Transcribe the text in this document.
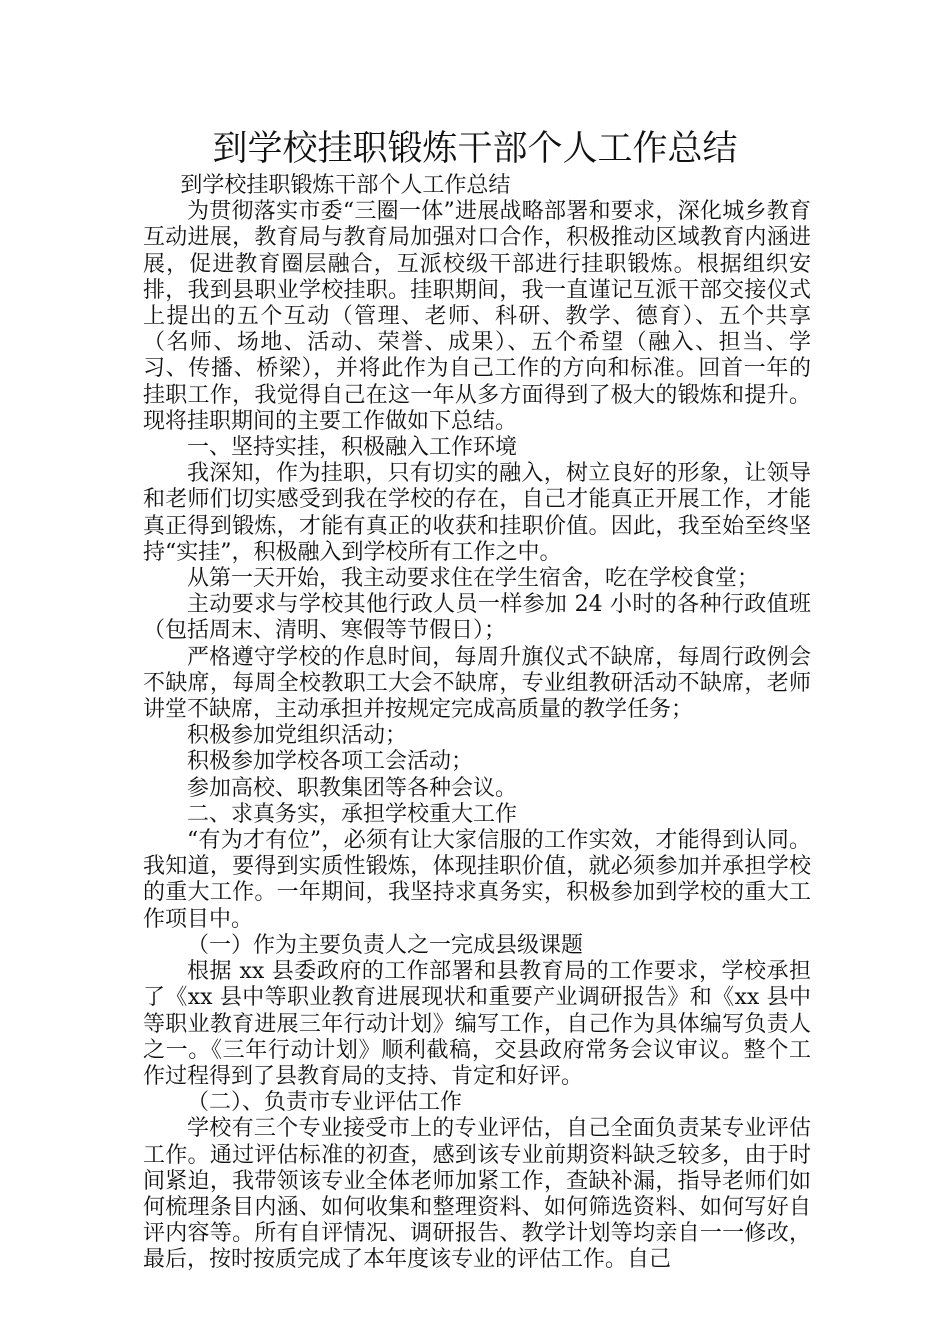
到学校挂职锻炼干部个人工作总结

到学校挂职锻炼干部个人工作总结

为贯彻落实市委“三圈一体”进展战略部署和要求，深化城乡教育互动进展，教育局与教育局加强对口合作，积极推动区域教育内涵进展，促进教育圈层融合，互派校级干部进行挂职锻炼。根据组织安排，我到县职业学校挂职。挂职期间，我一直谨记互派干部交接仪式上提出的五个互动（管理、老师、科研、教学、德育）、五个共享（名师、场地、活动、荣誉、成果）、五个希望（融入、担当、学习、传播、桥梁），并将此作为自己工作的方向和标准。回首一年的挂职工作，我觉得自己在这一年从多方面得到了极大的锻炼和提升。现将挂职期间的主要工作做如下总结。

一、坚持实挂，积极融入工作环境

我深知，作为挂职，只有切实的融入，树立良好的形象，让领导和老师们切实感受到我在学校的存在，自己才能真正开展工作，才能真正得到锻炼，才能有真正的收获和挂职价值。因此，我至始至终坚持“实挂”，积极融入到学校所有工作之中。

从第一天开始，我主动要求住在学生宿舍，吃在学校食堂；

主动要求与学校其他行政人员一样参加 24 小时的各种行政值班（包括周末、清明、寒假等节假日）；

严格遵守学校的作息时间，每周升旗仪式不缺席，每周行政例会不缺席，每周全校教职工大会不缺席，专业组教研活动不缺席，老师讲堂不缺席，主动承担并按规定完成高质量的教学任务；

积极参加党组织活动；

积极参加学校各项工会活动；

参加高校、职教集团等各种会议。

二、求真务实，承担学校重大工作

“有为才有位”，必须有让大家信服的工作实效，才能得到认同。我知道，要得到实质性锻炼，体现挂职价值，就必须参加并承担学校的重大工作。一年期间，我坚持求真务实，积极参加到学校的重大工作项目中。

（一）作为主要负责人之一完成县级课题

根据 xx 县委政府的工作部署和县教育局的工作要求，学校承担了《xx 县中等职业教育进展现状和重要产业调研报告》和《xx 县中等职业教育进展三年行动计划》编写工作，自己作为具体编写负责人之一。《三年行动计划》顺利截稿，交县政府常务会议审议。整个工作过程得到了县教育局的支持、肯定和好评。

（二）、负责市专业评估工作

学校有三个专业接受市上的专业评估，自己全面负责某专业评估工作。通过评估标准的初查，感到该专业前期资料缺乏较多，由于时间紧迫，我带领该专业全体老师加紧工作，查缺补漏，指导老师们如何梳理条目内涵、如何收集和整理资料、如何筛选资料、如何写好自评内容等。所有自评情况、调研报告、教学计划等均亲自一一修改，最后，按时按质完成了本年度该专业的评估工作。自己
